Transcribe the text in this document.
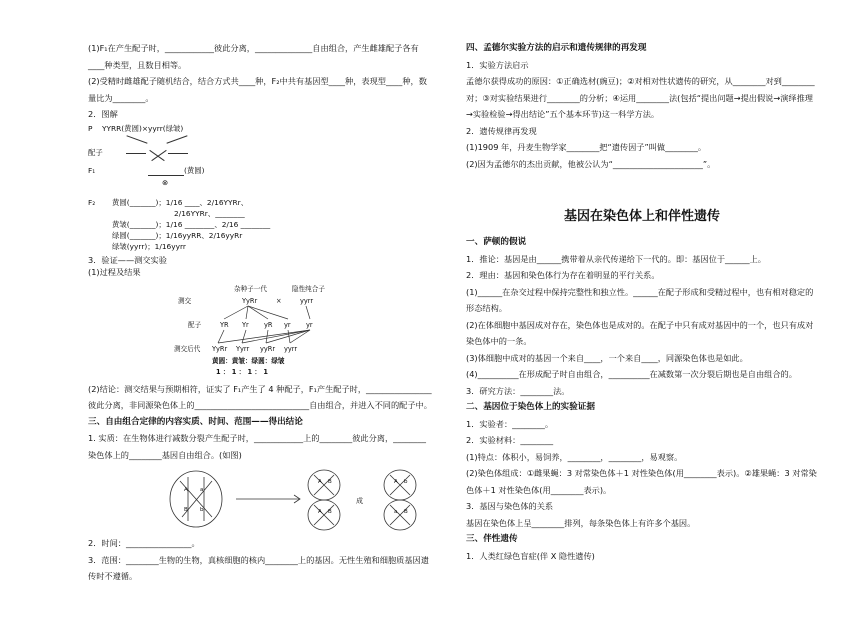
(1)F₁在产生配子时，____________彼此分离，______________自由组合，产生雌雄配子各有____种类型，且数目相等。

(2)受精时雌雄配子随机结合，结合方式共____种，F₂中共有基因型____种，表现型____种，数量比为________。

2．图解

P YYRR(黄圆)×yyrr(绿皱)
配子
F₁	(黄圆)
⊗
F₂ 黄圆(_______)；1/16 ____、2/16YYRr、
2/16YYRr、________
黄皱(_______)；1/16 ________、2/16 ________
绿圆(_______)；1/16yyRR、2/16yyRr
绿皱(yyrr)；1/16yyrr

3．验证——测交实验

(1)过程及结果

测交
杂种子一代
YyRr	×
隐性纯合子
yyrr
配子	YR Yr yR yr yr
测交后代 YyRr Yyrr yyRr yyrr
黄圆：黄皱：绿圆：绿皱
1 ： 1 ： 1 ： 1

(2)结论：测交结果与预期相符，证实了 F₁产生了 4 种配子，F₁产生配子时，________________彼此分离，非同源染色体上的____________________________自由组合，并进入不同的配子中。

三、自由组合定律的内容实质、时间、范围——得出结论

1. 实质：在生物体进行减数分裂产生配子时，____________上的________彼此分离，________染色体上的________基因自由组合。(如图)

A a
B b
A B
A B
A b
a B
成

2．时间：________________。

3．范围：________生物的生物，真核细胞的核内________上的基因。无性生殖和细胞质基因遗传时不遵循。

四、孟德尔实验方法的启示和遗传规律的再发现

1．实验方法启示

孟德尔获得成功的原因：①正确选材(豌豆)；②对相对性状遗传的研究，从________对到________对；③对实验结果进行________的分析；④运用________法(包括“提出问题→提出假说→演绎推理→实验检验→得出结论”五个基本环节)这一科学方法。

2．遗传规律再发现

(1)1909 年，丹麦生物学家________把“遗传因子”叫做________。

(2)因为孟德尔的杰出贡献，他被公认为“______________________”。

基因在染色体上和伴性遗传

一、萨顿的假说

1．推论：基因是由______携带着从亲代传递给下一代的。即：基因位于______上。

2．理由：基因和染色体行为存在着明显的平行关系。

(1)______在杂交过程中保持完整性和独立性。______在配子形成和受精过程中，也有相对稳定的形态结构。

(2)在体细胞中基因成对存在，染色体也是成对的。在配子中只有成对基因中的一个，也只有成对染色体中的一条。

(3)体细胞中成对的基因一个来自____，一个来自____，同源染色体也是如此。

(4)__________在形成配子时自由组合，__________在减数第一次分裂后期也是自由组合的。

3．研究方法：________法。

二、基因位于染色体上的实验证据

1．实验者：________。

2．实验材料：________

(1)特点：体积小，易饲养，________，________，易观察。

(2)染色体组成：①雌果蝇：3 对常染色体＋1 对性染色体(用________表示)。②雄果蝇：3 对常染色体＋1 对性染色体(用________表示)。

3．基因与染色体的关系

基因在染色体上呈________排列，每条染色体上有许多个基因。

三、伴性遗传

1．人类红绿色盲症(伴 X 隐性遗传)
